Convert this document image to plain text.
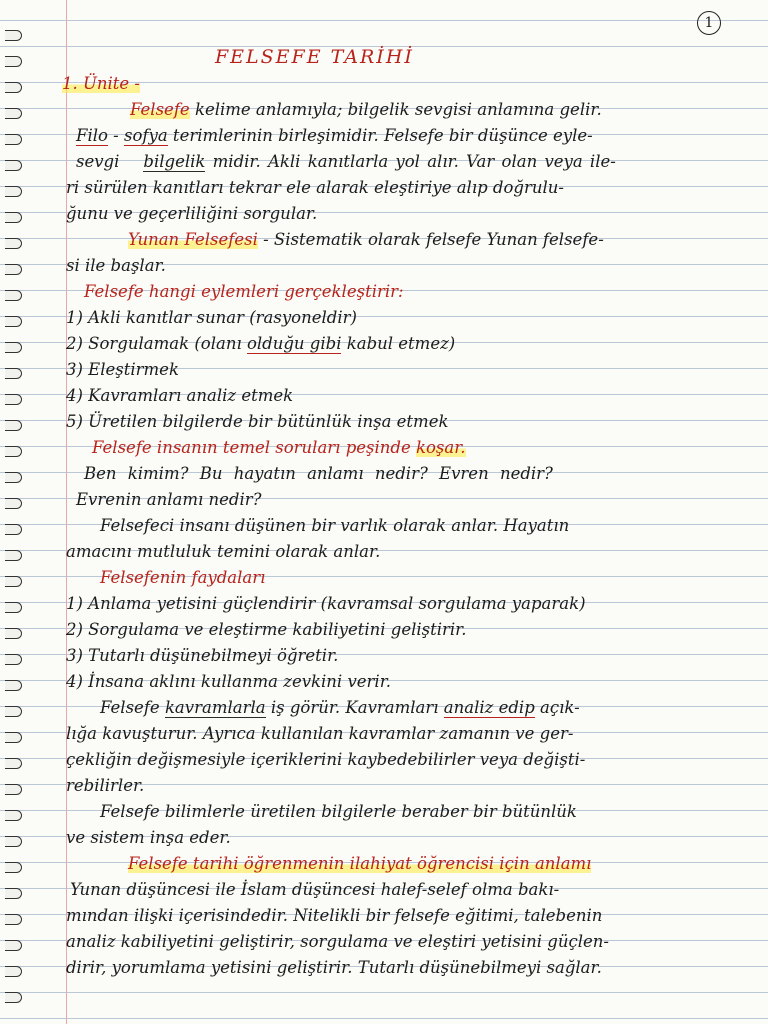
1
FELSEFE TARİHİ
1. Ünite -
Felsefe kelime anlamıyla; bilgelik sevgisi anlamına gelir.
Filo - sofya terimlerinin birleşimidir. Felsefe bir düşünce eyle-
sevgi bilgelik midir. Akli kanıtlarla yol alır. Var olan veya ile-
ri sürülen kanıtları tekrar ele alarak eleştiriye alıp doğrulu-
ğunu ve geçerliliğini sorgular.
Yunan Felsefesi - Sistematik olarak felsefe Yunan felsefe-
si ile başlar.
Felsefe hangi eylemleri gerçekleştirir:
1) Akli kanıtlar sunar (rasyoneldir)
2) Sorgulamak (olanı olduğu gibi kabul etmez)
3) Eleştirmek
4) Kavramları analiz etmek
5) Üretilen bilgilerde bir bütünlük inşa etmek
Felsefe insanın temel soruları peşinde koşar.
Ben kimim? Bu hayatın anlamı nedir? Evren nedir?
Evrenin anlamı nedir?
Felsefeci insanı düşünen bir varlık olarak anlar. Hayatın
amacını mutluluk temini olarak anlar.
Felsefenin faydaları
1) Anlama yetisini güçlendirir (kavramsal sorgulama yaparak)
2) Sorgulama ve eleştirme kabiliyetini geliştirir.
3) Tutarlı düşünebilmeyi öğretir.
4) İnsana aklını kullanma zevkini verir.
Felsefe kavramlarla iş görür. Kavramları analiz edip açık-
lığa kavuşturur. Ayrıca kullanılan kavramlar zamanın ve ger-
çekliğin değişmesiyle içeriklerini kaybedebilirler veya değişti-
rebilirler.
Felsefe bilimlerle üretilen bilgilerle beraber bir bütünlük
ve sistem inşa eder.
Felsefe tarihi öğrenmenin ilahiyat öğrencisi için anlamı
Yunan düşüncesi ile İslam düşüncesi halef-selef olma bakı-
mından ilişki içerisindedir. Nitelikli bir felsefe eğitimi, talebenin
analiz kabiliyetini geliştirir, sorgulama ve eleştiri yetisini güçlen-
dirir, yorumlama yetisini geliştirir. Tutarlı düşünebilmeyi sağlar.
